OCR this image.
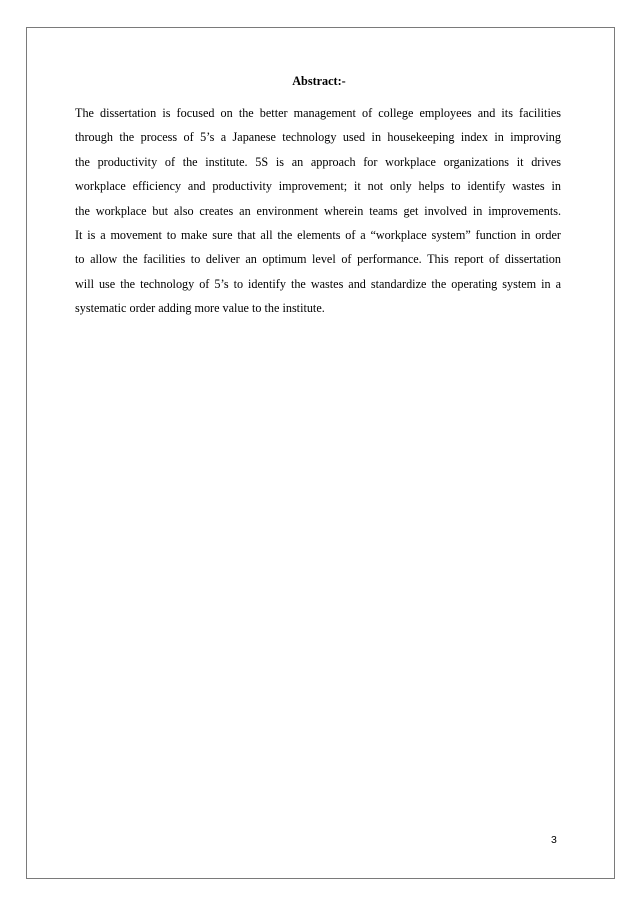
Abstract:-
The dissertation is focused on the better management of college employees and its facilities
through the process of 5’s a Japanese technology used in housekeeping index in improving
the productivity of the institute. 5S is an approach for workplace organizations it drives
workplace efficiency and productivity improvement; it not only helps to identify wastes in
the workplace but also creates an environment wherein teams get involved in improvements.
It is a movement to make sure that all the elements of a “workplace system” function in order
to allow the facilities to deliver an optimum level of performance. This report of dissertation
will use the technology of 5’s to identify the wastes and standardize the operating system in a
systematic order adding more value to the institute.

3
